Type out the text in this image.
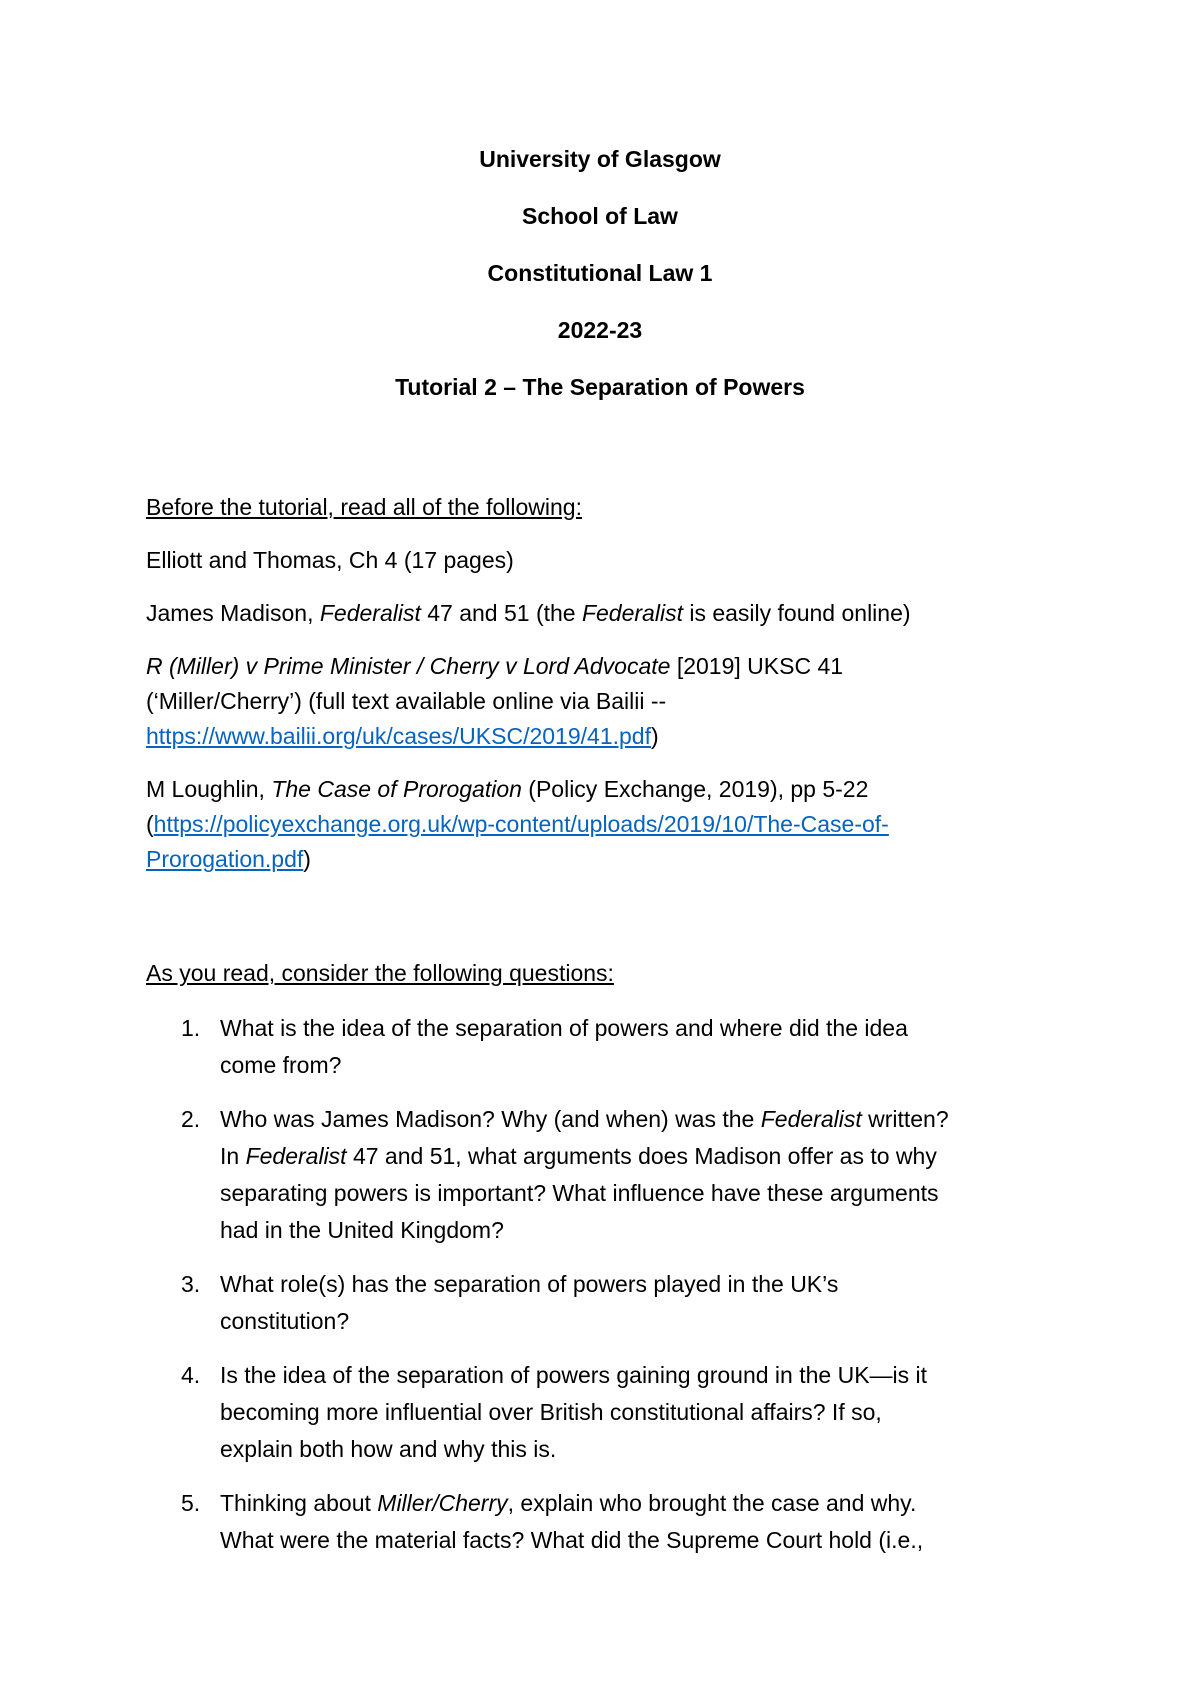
University of Glasgow
School of Law
Constitutional Law 1
2022-23
Tutorial 2 – The Separation of Powers
Before the tutorial, read all of the following:
Elliott and Thomas, Ch 4 (17 pages)
James Madison, Federalist 47 and 51 (the Federalist is easily found online)
R (Miller) v Prime Minister / Cherry v Lord Advocate [2019] UKSC 41
(‘Miller/Cherry’) (full text available online via Bailii --
https://www.bailii.org/uk/cases/UKSC/2019/41.pdf)
M Loughlin, The Case of Prorogation (Policy Exchange, 2019), pp 5-22
(https://policyexchange.org.uk/wp-content/uploads/2019/10/The-Case-of-
Prorogation.pdf)
As you read, consider the following questions:
1. What is the idea of the separation of powers and where did the idea
come from?
2. Who was James Madison? Why (and when) was the Federalist written?
In Federalist 47 and 51, what arguments does Madison offer as to why
separating powers is important? What influence have these arguments
had in the United Kingdom?
3. What role(s) has the separation of powers played in the UK’s
constitution?
4. Is the idea of the separation of powers gaining ground in the UK—is it
becoming more influential over British constitutional affairs? If so,
explain both how and why this is.
5. Thinking about Miller/Cherry, explain who brought the case and why.
What were the material facts? What did the Supreme Court hold (i.e.,
